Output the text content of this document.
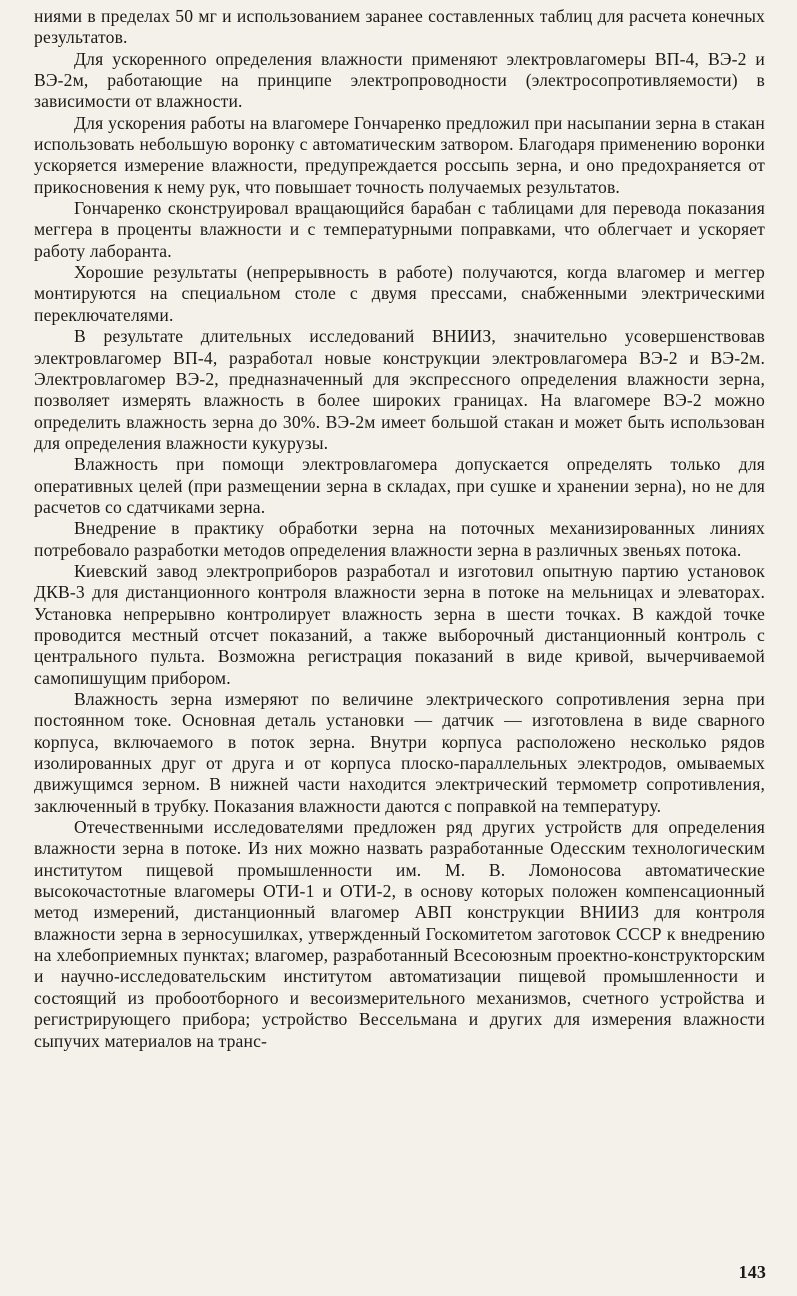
ниями в пределах 50 мг и использованием заранее составленных таблиц для расчета конечных результатов.

Для ускоренного определения влажности применяют электровлагомеры ВП-4, ВЭ-2 и ВЭ-2м, работающие на принципе электропроводности (электросопротивляемости) в зависимости от влажности.

Для ускорения работы на влагомере Гончаренко предложил при насыпании зерна в стакан использовать небольшую воронку с автоматическим затвором. Благодаря применению воронки ускоряется измерение влажности, предупреждается россыпь зерна, и оно предохраняется от прикосновения к нему рук, что повышает точность получаемых результатов.

Гончаренко сконструировал вращающийся барабан с таблицами для перевода показания меггера в проценты влажности и с температурными поправками, что облегчает и ускоряет работу лаборанта.

Хорошие результаты (непрерывность в работе) получаются, когда влагомер и меггер монтируются на специальном столе с двумя прессами, снабженными электрическими переключателями.

В результате длительных исследований ВНИИЗ, значительно усовершенствовав электровлагомер ВП-4, разработал новые конструкции электровлагомера ВЭ-2 и ВЭ-2м. Электровлагомер ВЭ-2, предназначенный для экспрессного определения влажности зерна, позволяет измерять влажность в более широких границах. На влагомере ВЭ-2 можно определить влажность зерна до 30%. ВЭ-2м имеет большой стакан и может быть использован для определения влажности кукурузы.

Влажность при помощи электровлагомера допускается определять только для оперативных целей (при размещении зерна в складах, при сушке и хранении зерна), но не для расчетов со сдатчиками зерна.

Внедрение в практику обработки зерна на поточных механизированных линиях потребовало разработки методов определения влажности зерна в различных звеньях потока.

Киевский завод электроприборов разработал и изготовил опытную партию установок ДКВ-3 для дистанционного контроля влажности зерна в потоке на мельницах и элеваторах. Установка непрерывно контролирует влажность зерна в шести точках. В каждой точке проводится местный отсчет показаний, а также выборочный дистанционный контроль с центрального пульта. Возможна регистрация показаний в виде кривой, вычерчиваемой самопишущим прибором.

Влажность зерна измеряют по величине электрического сопротивления зерна при постоянном токе. Основная деталь установки — датчик — изготовлена в виде сварного корпуса, включаемого в поток зерна. Внутри корпуса расположено несколько рядов изолированных друг от друга и от корпуса плоско-параллельных электродов, омываемых движущимся зерном. В нижней части находится электрический термометр сопротивления, заключенный в трубку. Показания влажности даются с поправкой на температуру.

Отечественными исследователями предложен ряд других устройств для определения влажности зерна в потоке. Из них можно назвать разработанные Одесским технологическим институтом пищевой промышленности им. М. В. Ломоносова автоматические высокочастотные влагомеры ОТИ-1 и ОТИ-2, в основу которых положен компенсационный метод измерений, дистанционный влагомер АВП конструкции ВНИИЗ для контроля влажности зерна в зерносушилках, утвержденный Госкомитетом заготовок СССР к внедрению на хлебоприемных пунктах; влагомер, разработанный Всесоюзным проектно-конструкторским и научно-исследовательским институтом автоматизации пищевой промышленности и состоящий из пробоотборного и весоизмерительного механизмов, счетного устройства и регистрирующего прибора; устройство Вессельмана и других для измерения влажности сыпучих материалов на транс-

143
